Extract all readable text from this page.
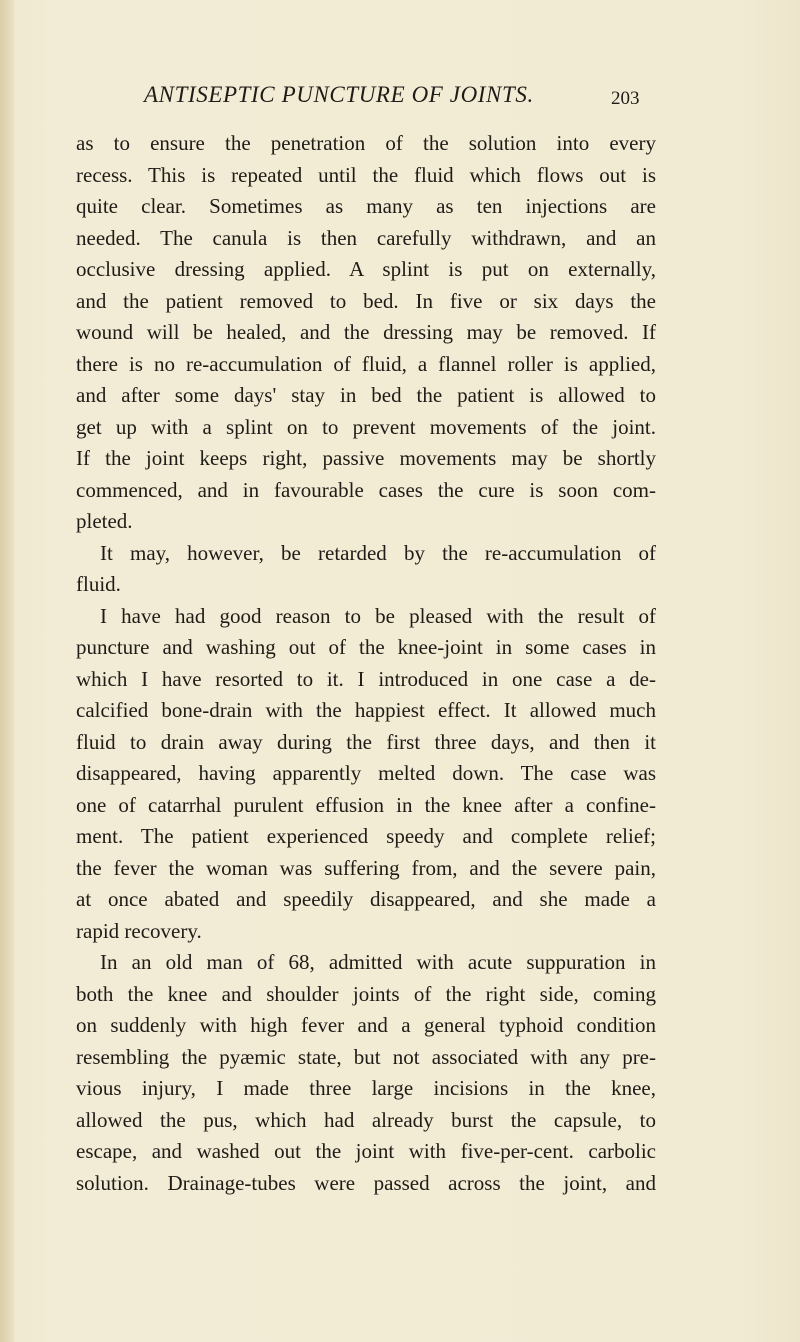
ANTISEPTIC PUNCTURE OF JOINTS.	203
as to ensure the penetration of the solution into every
recess. This is repeated until the fluid which flows out is
quite clear. Sometimes as many as ten injections are
needed. The canula is then carefully withdrawn, and an
occlusive dressing applied. A splint is put on externally,
and the patient removed to bed. In five or six days the
wound will be healed, and the dressing may be removed. If
there is no re-accumulation of fluid, a flannel roller is applied,
and after some days' stay in bed the patient is allowed to
get up with a splint on to prevent movements of the joint.
If the joint keeps right, passive movements may be shortly
commenced, and in favourable cases the cure is soon com-
pleted.
It may, however, be retarded by the re-accumulation of
fluid.
I have had good reason to be pleased with the result of
puncture and washing out of the knee-joint in some cases in
which I have resorted to it. I introduced in one case a de-
calcified bone-drain with the happiest effect. It allowed much
fluid to drain away during the first three days, and then it
disappeared, having apparently melted down. The case was
one of catarrhal purulent effusion in the knee after a confine-
ment. The patient experienced speedy and complete relief;
the fever the woman was suffering from, and the severe pain,
at once abated and speedily disappeared, and she made a
rapid recovery.
In an old man of 68, admitted with acute suppuration in
both the knee and shoulder joints of the right side, coming
on suddenly with high fever and a general typhoid condition
resembling the pyæmic state, but not associated with any pre-
vious injury, I made three large incisions in the knee,
allowed the pus, which had already burst the capsule, to
escape, and washed out the joint with five-per-cent. carbolic
solution. Drainage-tubes were passed across the joint, and
